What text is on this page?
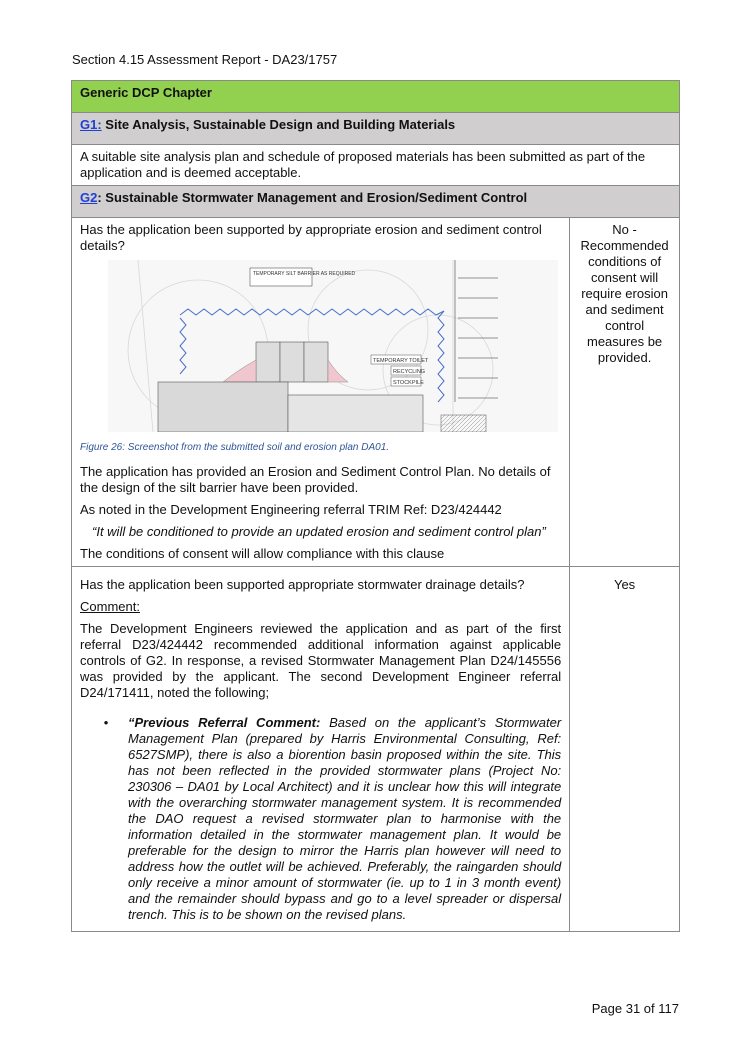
Section 4.15 Assessment Report - DA23/1757
Generic DCP Chapter	
G1: Site Analysis, Sustainable Design and Building Materials	
A suitable site analysis plan and schedule of proposed materials has been submitted as part of the application and is deemed acceptable.	
G2: Sustainable Stormwater Management and Erosion/Sediment Control	

Has the application been supported by appropriate erosion and sediment control details?

TEMPORARY SILT BARRIER AS REQUIRED
TEMPORARY TOILET
RECYCLING
STOCKPILE

Figure 26: Screenshot from the submitted soil and erosion plan DA01.

The application has provided an Erosion and Sediment Control Plan. No details of the design of the silt barrier have been provided.

As noted in the Development Engineering referral TRIM Ref: D23/424442

“It will be conditioned to provide an updated erosion and sediment control plan”

The conditions of consent will allow compliance with this clause

	No - Recommended conditions of consent will require erosion and sediment control measures be provided.

Has the application been supported appropriate stormwater drainage details?

Comment:

The Development Engineers reviewed the application and as part of the first referral D23/424442 recommended additional information against applicable controls of G2. In response, a revised Stormwater Management Plan D24/145556 was provided by the applicant. The second Development Engineer referral D24/171411, noted the following;

• “Previous Referral Comment: Based on the applicant’s Stormwater Management Plan (prepared by Harris Environmental Consulting, Ref: 6527SMP), there is also a biorention basin proposed within the site. This has not been reflected in the provided stormwater plans (Project No: 230306 – DA01 by Local Architect) and it is unclear how this will integrate with the overarching stormwater management system. It is recommended the DAO request a revised stormwater plan to harmonise with the information detailed in the stormwater management plan. It would be preferable for the design to mirror the Harris plan however will need to address how the outlet will be achieved. Preferably, the raingarden should only receive a minor amount of stormwater (ie. up to 1 in 3 month event) and the remainder should bypass and go to a level spreader or dispersal trench. This is to be shown on the revised plans.	Yes
Page 31 of 117
